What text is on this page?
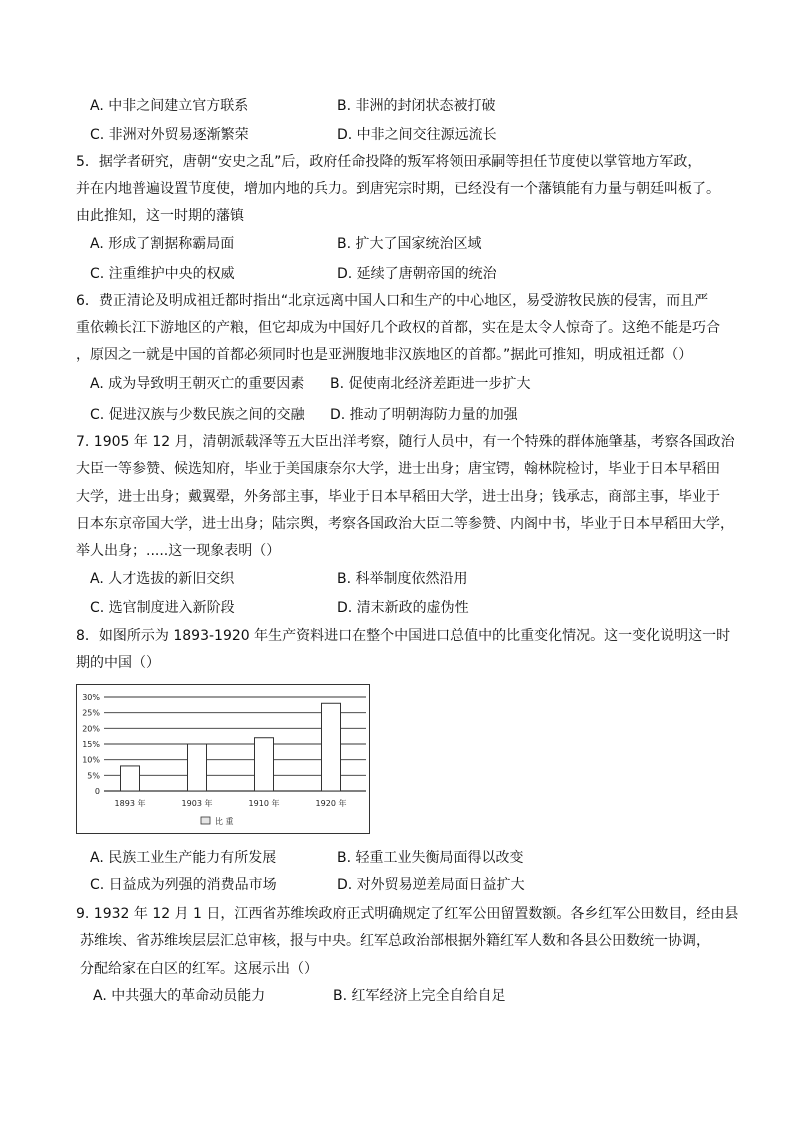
A. 中非之间建立官方联系	B. 非洲的封闭状态被打破
C. 非洲对外贸易逐渐繁荣	D. 中非之间交往源远流长
5．据学者研究，唐朝“安史之乱”后，政府任命投降的叛军将领田承嗣等担任节度使以掌管地方军政，
并在内地普遍设置节度使，增加内地的兵力。到唐宪宗时期，已经没有一个藩镇能有力量与朝廷叫板了。
由此推知，这一时期的藩镇
A. 形成了割据称霸局面	B. 扩大了国家统治区域
C. 注重维护中央的权威	D. 延续了唐朝帝国的统治
6．费正清论及明成祖迁都时指出“北京远离中国人口和生产的中心地区，易受游牧民族的侵害，而且严
重依赖长江下游地区的产粮，但它却成为中国好几个政权的首都，实在是太令人惊奇了。这绝不能是巧合
，原因之一就是中国的首都必须同时也是亚洲腹地非汉族地区的首都。”据此可推知，明成祖迁都（）
A. 成为导致明王朝灭亡的重要因素 B. 促使南北经济差距进一步扩大
C. 促进汉族与少数民族之间的交融 D. 推动了明朝海防力量的加强
7. 1905 年 12 月，清朝派载泽等五大臣出洋考察，随行人员中，有一个特殊的群体施肇基，考察各国政治
大臣一等参赞、候选知府，毕业于美国康奈尔大学，进士出身；唐宝锷，翰林院检讨，毕业于日本早稻田
大学，进士出身；戴翼翚，外务部主事，毕业于日本早稻田大学，进士出身；钱承志，商部主事，毕业于
日本东京帝国大学，进士出身；陆宗舆，考察各国政治大臣二等参赞、内阁中书，毕业于日本早稻田大学，
举人出身；.....这一现象表明（）
A. 人才选拔的新旧交织	B. 科举制度依然沿用
C. 选官制度进入新阶段	D. 清末新政的虚伪性
8．如图所示为 1893-1920 年生产资料进口在整个中国进口总值中的比重变化情况。这一变化说明这一时
期的中国（）
30%
25%
20%
15%
10%
5%
0
1893 年	1903 年	1910 年	1920 年
比 重
A. 民族工业生产能力有所发展	B. 轻重工业失衡局面得以改变
C. 日益成为列强的消费品市场	D. 对外贸易逆差局面日益扩大
9. 1932 年 12 月 1 日，江西省苏维埃政府正式明确规定了红军公田留置数额。各乡红军公田数目，经由县
苏维埃、省苏维埃层层汇总审核，报与中央。红军总政治部根据外籍红军人数和各县公田数统一协调，
分配给家在白区的红军。这展示出（）
A. 中共强大的革命动员能力	B. 红军经济上完全自给自足
